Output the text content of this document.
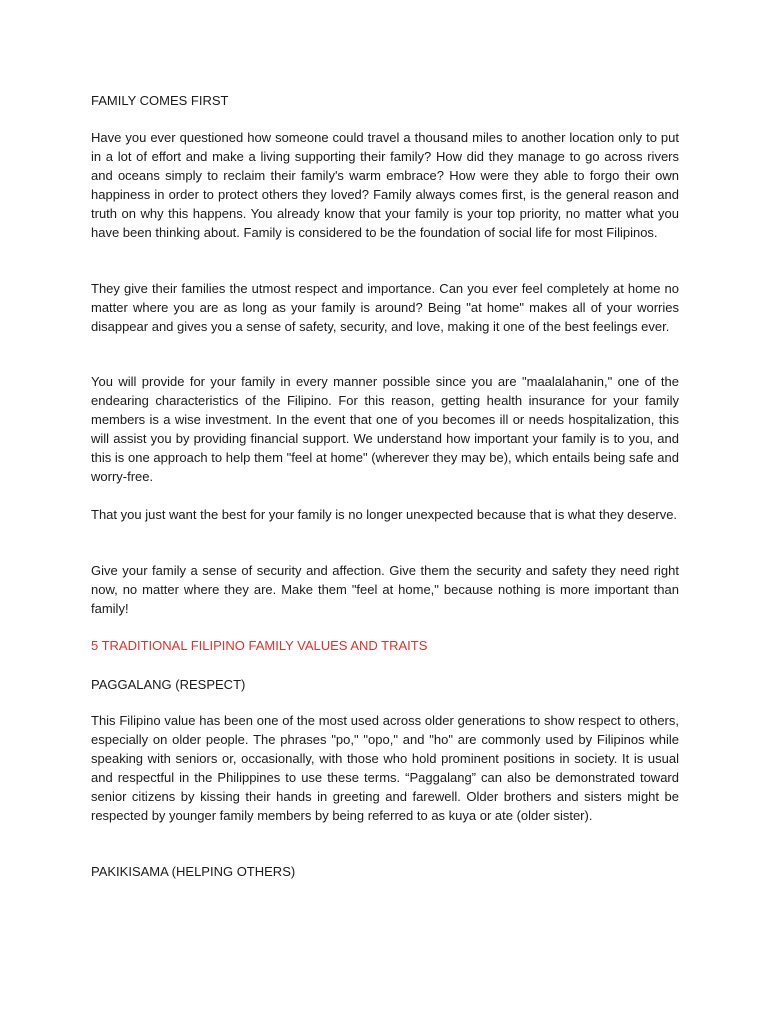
FAMILY COMES FIRST

Have you ever questioned how someone could travel a thousand miles to another location only to put in a lot of effort and make a living supporting their family? How did they manage to go across rivers and oceans simply to reclaim their family's warm embrace? How were they able to forgo their own happiness in order to protect others they loved? Family always comes first, is the general reason and truth on why this happens. You already know that your family is your top priority, no matter what you have been thinking about. Family is considered to be the foundation of social life for most Filipinos.

They give their families the utmost respect and importance. Can you ever feel completely at home no matter where you are as long as your family is around? Being "at home" makes all of your worries disappear and gives you a sense of safety, security, and love, making it one of the best feelings ever.

You will provide for your family in every manner possible since you are "maalalahanin," one of the endearing characteristics of the Filipino. For this reason, getting health insurance for your family members is a wise investment. In the event that one of you becomes ill or needs hospitalization, this will assist you by providing financial support. We understand how important your family is to you, and this is one approach to help them "feel at home" (wherever they may be), which entails being safe and worry-free.

That you just want the best for your family is no longer unexpected because that is what they deserve.

Give your family a sense of security and affection. Give them the security and safety they need right now, no matter where they are. Make them "feel at home," because nothing is more important than family!

5 TRADITIONAL FILIPINO FAMILY VALUES AND TRAITS
PAGGALANG (RESPECT)

This Filipino value has been one of the most used across older generations to show respect to others, especially on older people. The phrases "po," "opo," and "ho" are commonly used by Filipinos while speaking with seniors or, occasionally, with those who hold prominent positions in society. It is usual and respectful in the Philippines to use these terms. “Paggalang” can also be demonstrated toward senior citizens by kissing their hands in greeting and farewell. Older brothers and sisters might be respected by younger family members by being referred to as kuya or ate (older sister).

PAKIKISAMA (HELPING OTHERS)
